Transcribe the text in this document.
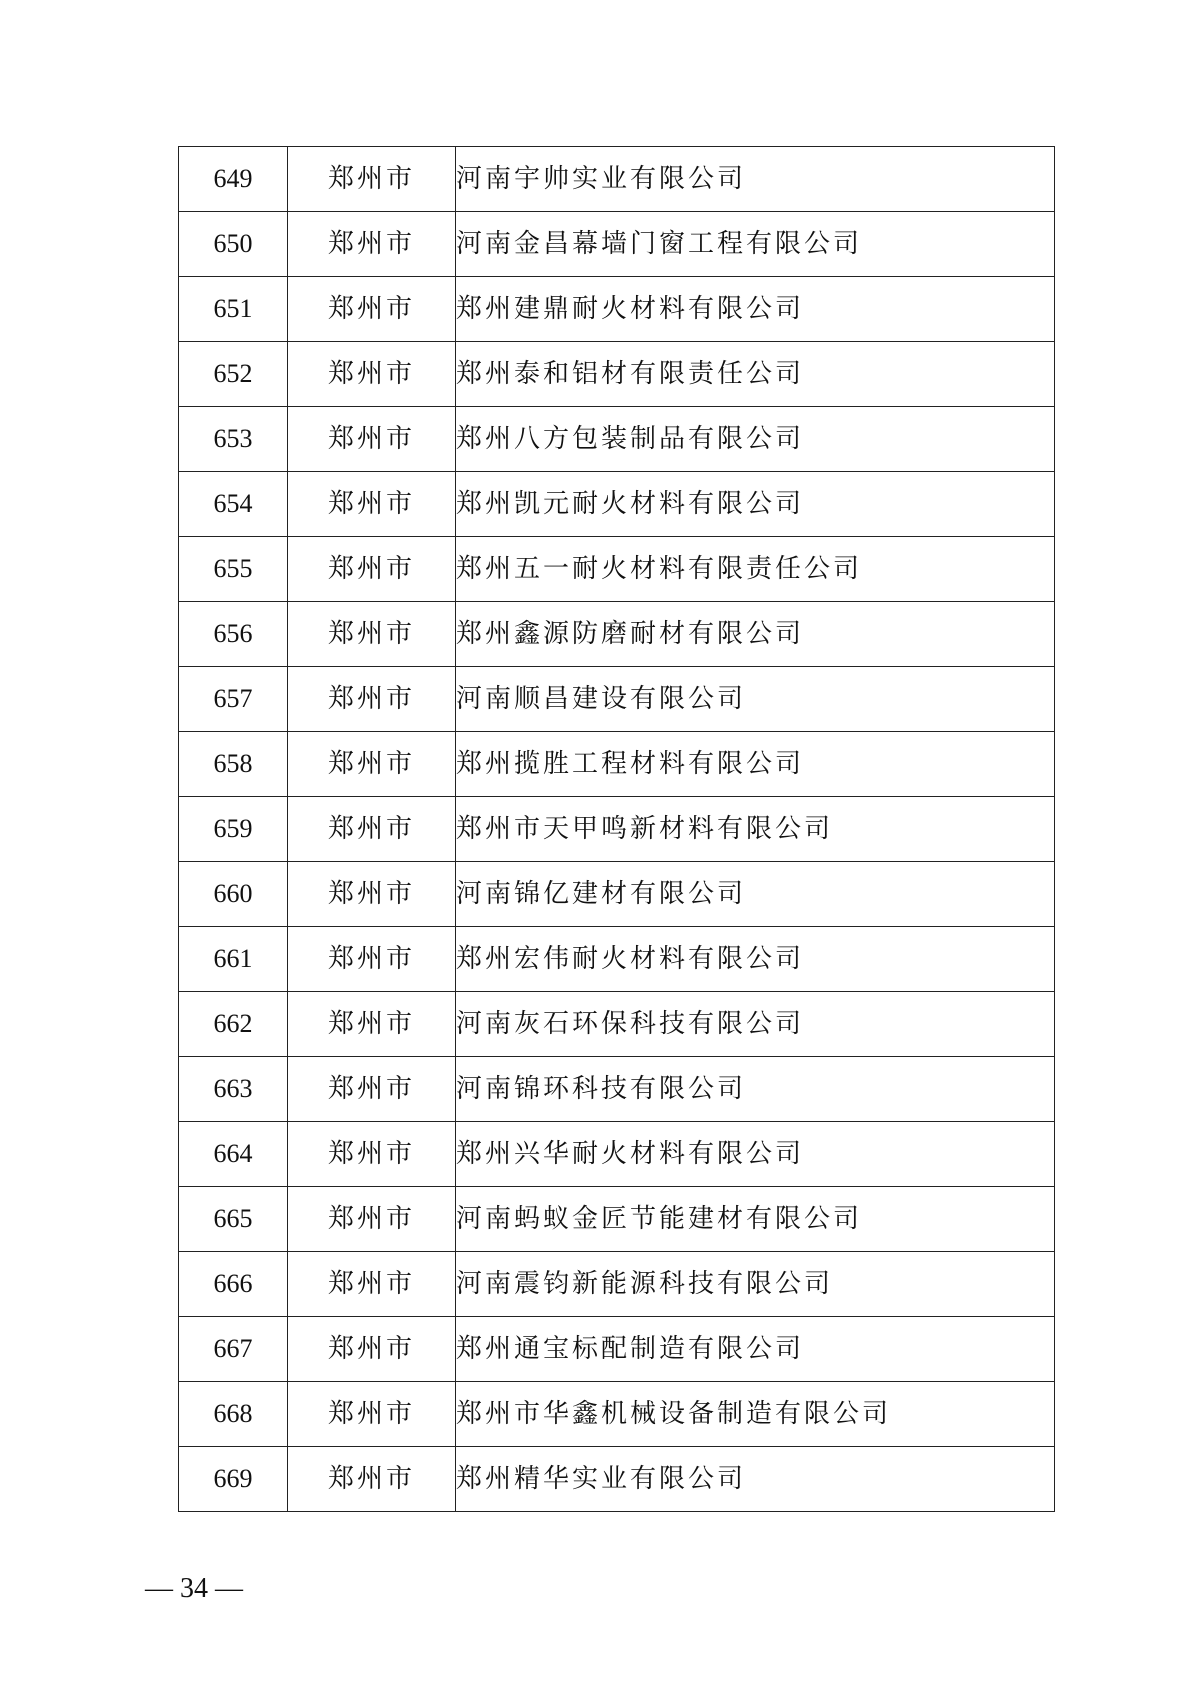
649	郑州市	河南宇帅实业有限公司
650	郑州市	河南金昌幕墙门窗工程有限公司
651	郑州市	郑州建鼎耐火材料有限公司
652	郑州市	郑州泰和铝材有限责任公司
653	郑州市	郑州八方包装制品有限公司
654	郑州市	郑州凯元耐火材料有限公司
655	郑州市	郑州五一耐火材料有限责任公司
656	郑州市	郑州鑫源防磨耐材有限公司
657	郑州市	河南顺昌建设有限公司
658	郑州市	郑州揽胜工程材料有限公司
659	郑州市	郑州市天甲鸣新材料有限公司
660	郑州市	河南锦亿建材有限公司
661	郑州市	郑州宏伟耐火材料有限公司
662	郑州市	河南灰石环保科技有限公司
663	郑州市	河南锦环科技有限公司
664	郑州市	郑州兴华耐火材料有限公司
665	郑州市	河南蚂蚁金匠节能建材有限公司
666	郑州市	河南震钧新能源科技有限公司
667	郑州市	郑州通宝标配制造有限公司
668	郑州市	郑州市华鑫机械设备制造有限公司
669	郑州市	郑州精华实业有限公司
— 34 —
